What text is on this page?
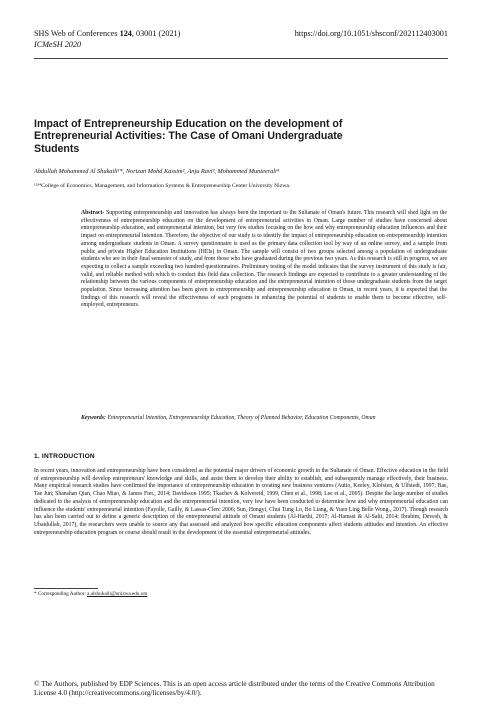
SHS Web of Conferences 124, 03001 (2021)
ICMeSH 2020
https://doi.org/10.1051/shsconf/202112403001
Impact of Entrepreneurship Education on the development of Entrepreneurial Activities: The Case of Omani Undergraduate Students
Abdullah Mohammed Al Shukaili¹*, Norizan Mohd Kassim², Anju Ravi³, Mohammed Munteerali⁴
¹²³⁴College of Economics, Management, and Information Systems & Entrepreneurship Center University Nizwa.
Abstract- Supporting entrepreneurship and innovation has always been the important to the Sultanate of Oman's future. This research will shed light on the effectiveness of entrepreneurship education on the development of entrepreneurial activities in Oman. Large number of studies have concerned about entrepreneurship education, and entrepreneurial intention, but very few studies focusing on the how and why entrepreneurship education influences and their impact on entrepreneurial intention. Therefore, the objective of our study is to identify the impact of entrepreneurship education on entrepreneurship intention among undergraduate students in Oman. A survey questionnaire is used as the primary data collection tool by way of an online survey, and a sample from public and private Higher Education Institutions (HEIs) in Oman. The sample will consist of two groups selected among a population of undergraduate students who are in their final semester of study, and from those who have graduated during the previous two years. As this research is still in progress, we are expecting to collect a sample exceeding two hundred questionnaires. Preliminary testing of the model indicates that the survey instrument of this study is fair, valid, and reliable method with which to conduct this field data collection. The research findings are expected to contribute to a greater understanding of the relationship between the various components of entrepreneurship education and the entrepreneurial intention of those undergraduate students from the target population. Since increasing attention has been given to entrepreneurship and entrepreneurship education in Oman, in recent years, it is expected that the findings of this research will reveal the effectiveness of such programs in enhancing the potential of students to enable them to become effective, self-employed, entrepreneurs.
Keywords: Entrepreneurial Intention, Entrepreneurship Education, Theory of Planned Behavior, Education Components, Oman
1. INTRODUCTION
In recent years, innovation and entrepreneurship have been considered as the potential major drivers of economic growth in the Sultanate of Oman. Effective education in the field of entrepreneurship will develop entrepreneurs' knowledge and skills, and assist them to develop their ability to establish, and subsequently manage effectively, their business. Many empirical research studies have confirmed the importance of entrepreneurship education in creating new business ventures (Autio, Keeley, Klofsten, & Ulfstedt, 1997; Bae, Tae Jun; Shanshan Qian, Chao Miao, & James Fiet., 2014; Davidsson 1995; Tkachev & Kolvereid, 1999, Chen et al., 1998; Lee et al., 2005). Despite the large number of studies dedicated to the analysis of entrepreneurship education and the entrepreneurial intention, very few have been conducted to determine how and why entrepreneurial education can influence the students' entrepreneurial intention (Fayolle, Gailly, & Lassas-Clerc 2006; Sun, Hongyi, Chui Tung Lo, Bo Liang, & Yuen Ling Belle Wong., 2017). Though research has also been carried out to define a generic description of the entrepreneurial attitude of Omani students (Al-Harthi, 2017; Al-Hamssi & Al-Salti, 2014; Ibrahim, Devesh, & Ubaidullah, 2017), the researchers were unable to source any that assessed and analyzed how specific education components affect students attitudes and intention. An effective entrepreneurship education program or course should result in the development of the essential entrepreneurial attitudes.
* Corresponding Author: a.alshukaili@unizwa.edu.om
© The Authors, published by EDP Sciences. This is an open access article distributed under the terms of the Creative Commons Attribution License 4.0 (http://creativecommons.org/licenses/by/4.0/).
